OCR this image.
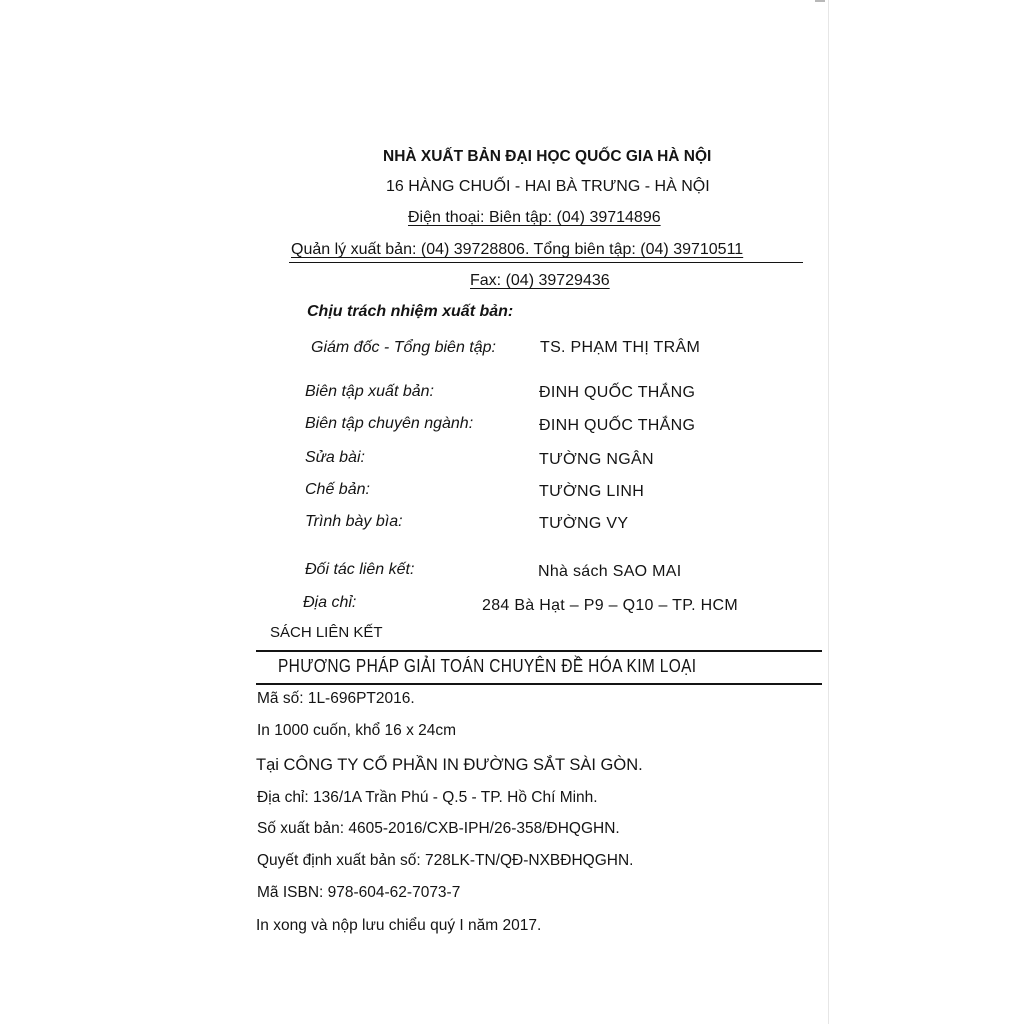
NHÀ XUẤT BẢN ĐẠI HỌC QUỐC GIA HÀ NỘI
16 HÀNG CHUỐI - HAI BÀ TRƯNG - HÀ NỘI
Điện thoại: Biên tập: (04) 39714896
Quản lý xuất bản: (04) 39728806. Tổng biên tập: (04) 39710511
Fax: (04) 39729436
Chịu trách nhiệm xuất bản:
Giám đốc - Tổng biên tập:	TS. PHẠM THỊ TRÂM
Biên tập xuất bản:	ĐINH QUỐC THẮNG
Biên tập chuyên ngành:	ĐINH QUỐC THẮNG
Sửa bài:	TƯỜNG NGÂN
Chế bản:	TƯỜNG LINH
Trình bày bìa:	TƯỜNG VY
Đối tác liên kết:	Nhà sách SAO MAI
Địa chỉ:	284 Bà Hạt – P9 – Q10 – TP. HCM
SÁCH LIÊN KẾT
PHƯƠNG PHÁP GIẢI TOÁN CHUYÊN ĐỀ HÓA KIM LOẠI
Mã số: 1L-696PT2016.
In 1000 cuốn, khổ 16 x 24cm
Tại CÔNG TY CỔ PHẦN IN ĐƯỜNG SẮT SÀI GÒN.
Địa chỉ: 136/1A Trần Phú - Q.5 - TP. Hồ Chí Minh.
Số xuất bản: 4605-2016/CXB-IPH/26-358/ĐHQGHN.
Quyết định xuất bản số: 728LK-TN/QĐ-NXBĐHQGHN.
Mã ISBN: 978-604-62-7073-7
In xong và nộp lưu chiểu quý I năm 2017.
